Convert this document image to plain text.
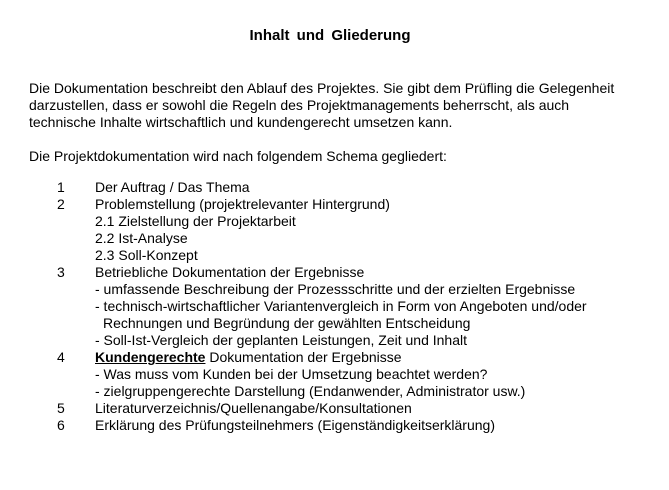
Inhalt und Gliederung
Die Dokumentation beschreibt den Ablauf des Projektes. Sie gibt dem Prüfling die Gelegenheit
darzustellen, dass er sowohl die Regeln des Projektmanagements beherrscht, als auch
technische Inhalte wirtschaftlich und kundengerecht umsetzen kann.
Die Projektdokumentation wird nach folgendem Schema gegliedert:
1	Der Auftrag / Das Thema
2	Problemstellung (projektrelevanter Hintergrund)
2.1 Zielstellung der Projektarbeit
2.2 Ist-Analyse
2.3 Soll-Konzept
3	Betriebliche Dokumentation der Ergebnisse
- umfassende Beschreibung der Prozessschritte und der erzielten Ergebnisse
- technisch-wirtschaftlicher Variantenvergleich in Form von Angeboten und/oder
Rechnungen und Begründung der gewählten Entscheidung
- Soll-Ist-Vergleich der geplanten Leistungen, Zeit und Inhalt
4	Kundengerechte Dokumentation der Ergebnisse
- Was muss vom Kunden bei der Umsetzung beachtet werden?
- zielgruppengerechte Darstellung (Endanwender, Administrator usw.)
5	Literaturverzeichnis/Quellenangabe/Konsultationen
6	Erklärung des Prüfungsteilnehmers (Eigenständigkeitserklärung)
